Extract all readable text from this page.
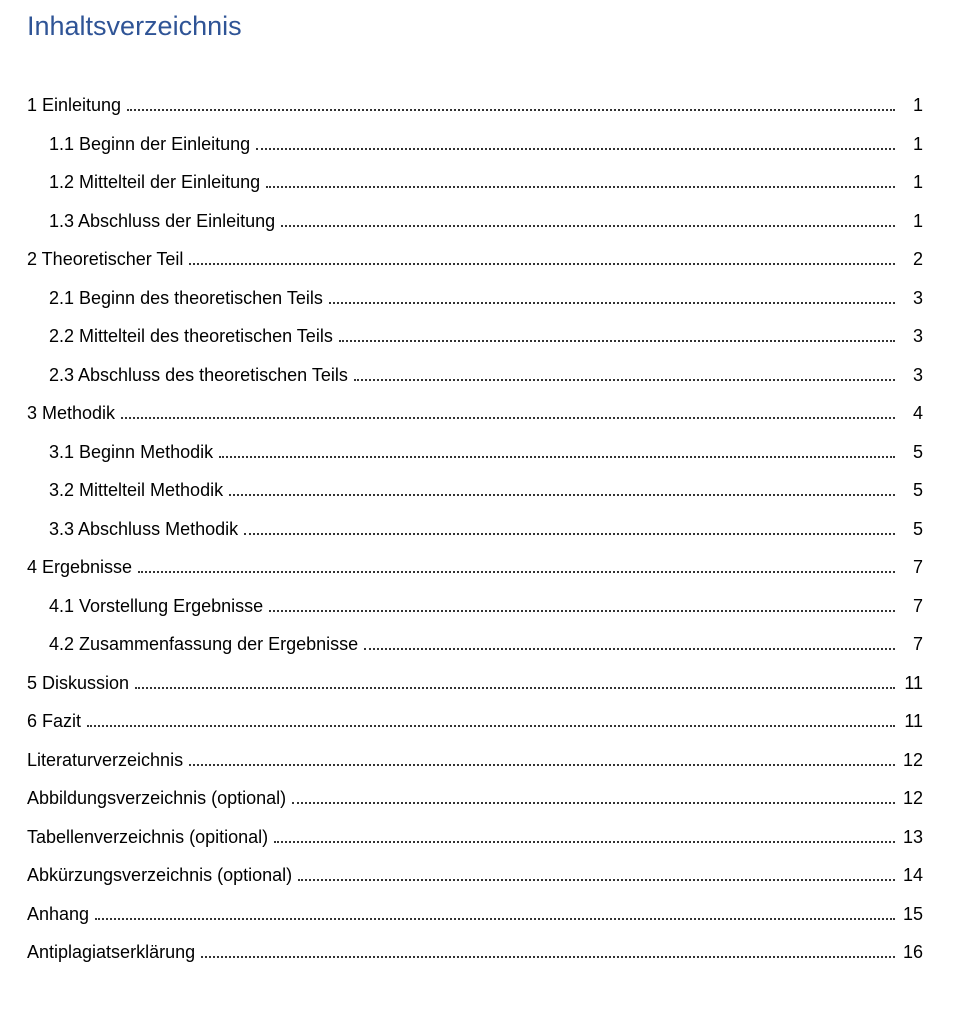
Inhaltsverzeichnis
1 Einleitung	1
1.1 Beginn der Einleitung	1
1.2 Mittelteil der Einleitung	1
1.3 Abschluss der Einleitung	1
2 Theoretischer Teil	2
2.1 Beginn des theoretischen Teils	3
2.2 Mittelteil des theoretischen Teils	3
2.3 Abschluss des theoretischen Teils	3
3 Methodik	4
3.1 Beginn Methodik	5
3.2 Mittelteil Methodik	5
3.3 Abschluss Methodik	5
4 Ergebnisse	7
4.1 Vorstellung Ergebnisse	7
4.2 Zusammenfassung der Ergebnisse	7
5 Diskussion	11
6 Fazit	11
Literaturverzeichnis	12
Abbildungsverzeichnis (optional)	12
Tabellenverzeichnis (opitional)	13
Abkürzungsverzeichnis (optional)	14
Anhang	15
Antiplagiatserklärung	16
